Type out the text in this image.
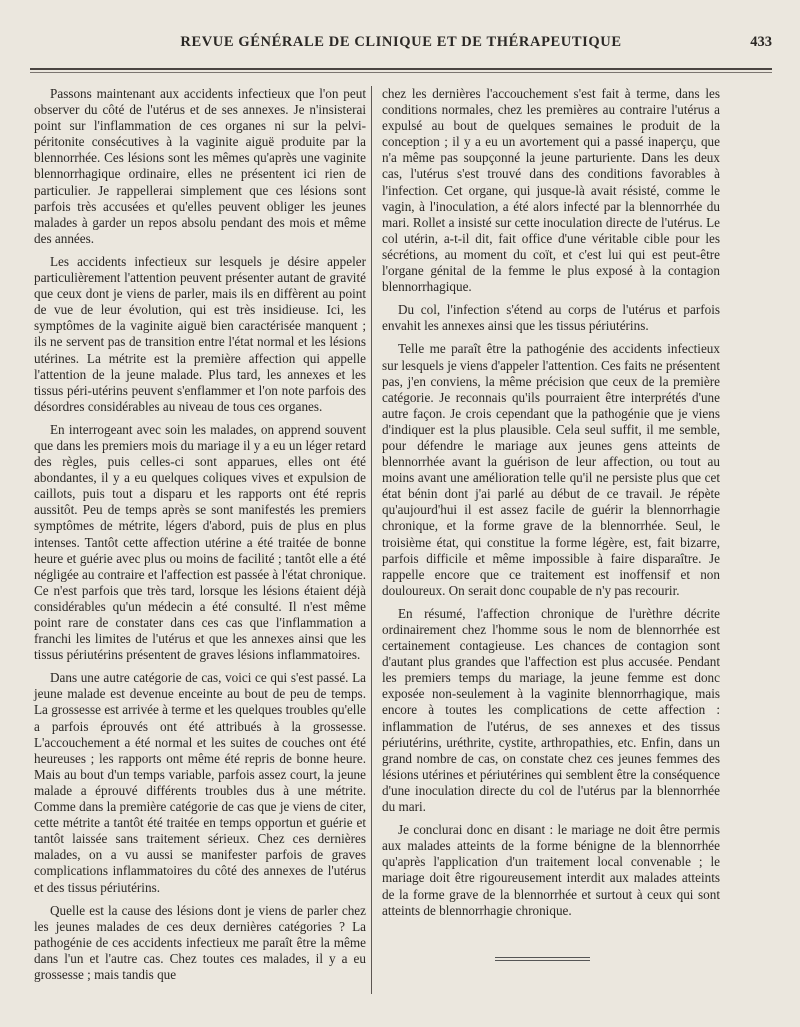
REVUE GÉNÉRALE DE CLINIQUE ET DE THÉRAPEUTIQUE	433

Passons maintenant aux accidents infectieux que l'on peut observer du côté de l'utérus et de ses annexes. Je n'insisterai point sur l'inflammation de ces organes ni sur la pelvi-péritonite consécutives à la vaginite aiguë produite par la blennorrhée. Ces lésions sont les mêmes qu'après une vaginite blennorrhagique ordinaire, elles ne présentent ici rien de particulier. Je rappellerai simplement que ces lésions sont parfois très accusées et qu'elles peuvent obliger les jeunes malades à garder un repos absolu pendant des mois et même des années.

Les accidents infectieux sur lesquels je désire appeler particulièrement l'attention peuvent présenter autant de gravité que ceux dont je viens de parler, mais ils en diffèrent au point de vue de leur évolution, qui est très insidieuse. Ici, les symptômes de la vaginite aiguë bien caractérisée manquent ; ils ne servent pas de transition entre l'état normal et les lésions utérines. La métrite est la première affection qui appelle l'attention de la jeune malade. Plus tard, les annexes et les tissus péri-utérins peuvent s'enflammer et l'on note parfois des désordres considérables au niveau de tous ces organes.

En interrogeant avec soin les malades, on apprend souvent que dans les premiers mois du mariage il y a eu un léger retard des règles, puis celles-ci sont apparues, elles ont été abondantes, il y a eu quelques coliques vives et expulsion de caillots, puis tout a disparu et les rapports ont été repris aussitôt. Peu de temps après se sont manifestés les premiers symptômes de métrite, légers d'abord, puis de plus en plus intenses. Tantôt cette affection utérine a été traitée de bonne heure et guérie avec plus ou moins de facilité ; tantôt elle a été négligée au contraire et l'affection est passée à l'état chronique. Ce n'est parfois que très tard, lorsque les lésions étaient déjà considérables qu'un médecin a été consulté. Il n'est même point rare de constater dans ces cas que l'inflammation a franchi les limites de l'utérus et que les annexes ainsi que les tissus périutérins présentent de graves lésions inflammatoires.

Dans une autre catégorie de cas, voici ce qui s'est passé. La jeune malade est devenue enceinte au bout de peu de temps. La grossesse est arrivée à terme et les quelques troubles qu'elle a parfois éprouvés ont été attribués à la grossesse. L'accouchement a été normal et les suites de couches ont été heureuses ; les rapports ont même été repris de bonne heure. Mais au bout d'un temps variable, parfois assez court, la jeune malade a éprouvé différents troubles dus à une métrite. Comme dans la première catégorie de cas que je viens de citer, cette métrite a tantôt été traitée en temps opportun et guérie et tantôt laissée sans traitement sérieux. Chez ces dernières malades, on a vu aussi se manifester parfois de graves complications inflammatoires du côté des annexes de l'utérus et des tissus périutérins.

Quelle est la cause des lésions dont je viens de parler chez les jeunes malades de ces deux dernières catégories ? La pathogénie de ces accidents infectieux me paraît être la même dans l'un et l'autre cas. Chez toutes ces malades, il y a eu grossesse ; mais tandis que

chez les dernières l'accouchement s'est fait à terme, dans les conditions normales, chez les premières au contraire l'utérus a expulsé au bout de quelques semaines le produit de la conception ; il y a eu un avortement qui a passé inaperçu, que n'a même pas soupçonné la jeune parturiente. Dans les deux cas, l'utérus s'est trouvé dans des conditions favorables à l'infection. Cet organe, qui jusque-là avait résisté, comme le vagin, à l'inoculation, a été alors infecté par la blennorrhée du mari. Rollet a insisté sur cette inoculation directe de l'utérus. Le col utérin, a-t-il dit, fait office d'une véritable cible pour les sécrétions, au moment du coït, et c'est lui qui est peut-être l'organe génital de la femme le plus exposé à la contagion blennorrhagique.

Du col, l'infection s'étend au corps de l'utérus et parfois envahit les annexes ainsi que les tissus périutérins.

Telle me paraît être la pathogénie des accidents infectieux sur lesquels je viens d'appeler l'attention. Ces faits ne présentent pas, j'en conviens, la même précision que ceux de la première catégorie. Je reconnais qu'ils pourraient être interprétés d'une autre façon. Je crois cependant que la pathogénie que je viens d'indiquer est la plus plausible. Cela seul suffit, il me semble, pour défendre le mariage aux jeunes gens atteints de blennorrhée avant la guérison de leur affection, ou tout au moins avant une amélioration telle qu'il ne persiste plus que cet état bénin dont j'ai parlé au début de ce travail. Je répète qu'aujourd'hui il est assez facile de guérir la blennorrhagie chronique, et la forme grave de la blennorrhée. Seul, le troisième état, qui constitue la forme légère, est, fait bizarre, parfois difficile et même impossible à faire disparaître. Je rappelle encore que ce traitement est inoffensif et non douloureux. On serait donc coupable de n'y pas recourir.

En résumé, l'affection chronique de l'urèthre décrite ordinairement chez l'homme sous le nom de blennorrhée est certainement contagieuse. Les chances de contagion sont d'autant plus grandes que l'affection est plus accusée. Pendant les premiers temps du mariage, la jeune femme est donc exposée non-seulement à la vaginite blennorrhagique, mais encore à toutes les complications de cette affection : inflammation de l'utérus, de ses annexes et des tissus périutérins, uréthrite, cystite, arthropathies, etc. Enfin, dans un grand nombre de cas, on constate chez ces jeunes femmes des lésions utérines et périutérines qui semblent être la conséquence d'une inoculation directe du col de l'utérus par la blennorrhée du mari.

Je conclurai donc en disant : le mariage ne doit être permis aux malades atteints de la forme bénigne de la blennorrhée qu'après l'application d'un traitement local convenable ; le mariage doit être rigoureusement interdit aux malades atteints de la forme grave de la blennorrhée et surtout à ceux qui sont atteints de blennorrhagie chronique.
